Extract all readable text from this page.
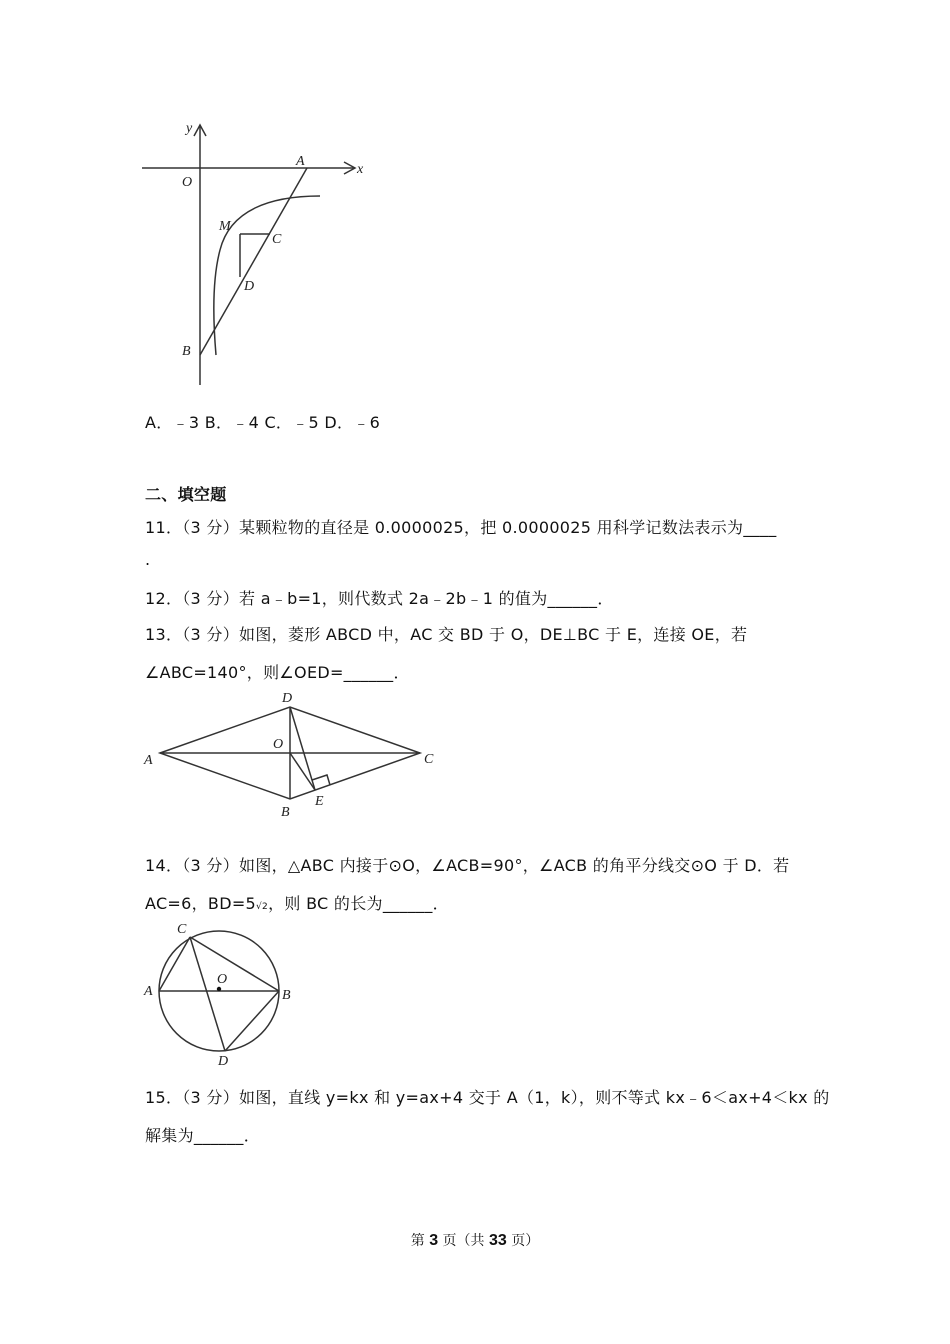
y
x
O
A
M
C
D
B
A．﹣3 B．﹣4 C．﹣5 D．﹣6
二、填空题
11．（3 分）某颗粒物的直径是 0.0000025，把 0.0000025 用科学记数法表示为____
.
12．（3 分）若 a﹣b=1，则代数式 2a﹣2b﹣1 的值为______．
13．（3 分）如图，菱形 ABCD 中，AC 交 BD 于 O，DE⊥BC 于 E，连接 OE，若
∠ABC=140°，则∠OED=______．
D
O
A	C
B
E
14．（3 分）如图，△ABC 内接于⊙O，∠ACB=90°，∠ACB 的角平分线交⊙O 于 D．若
AC=6，BD=5√2，则 BC 的长为______．
C
O
A	B
D
15．（3 分）如图，直线 y=kx 和 y=ax+4 交于 A（1，k），则不等式 kx﹣6＜ax+4＜kx 的
解集为______．
第 3 页（共 33 页）
